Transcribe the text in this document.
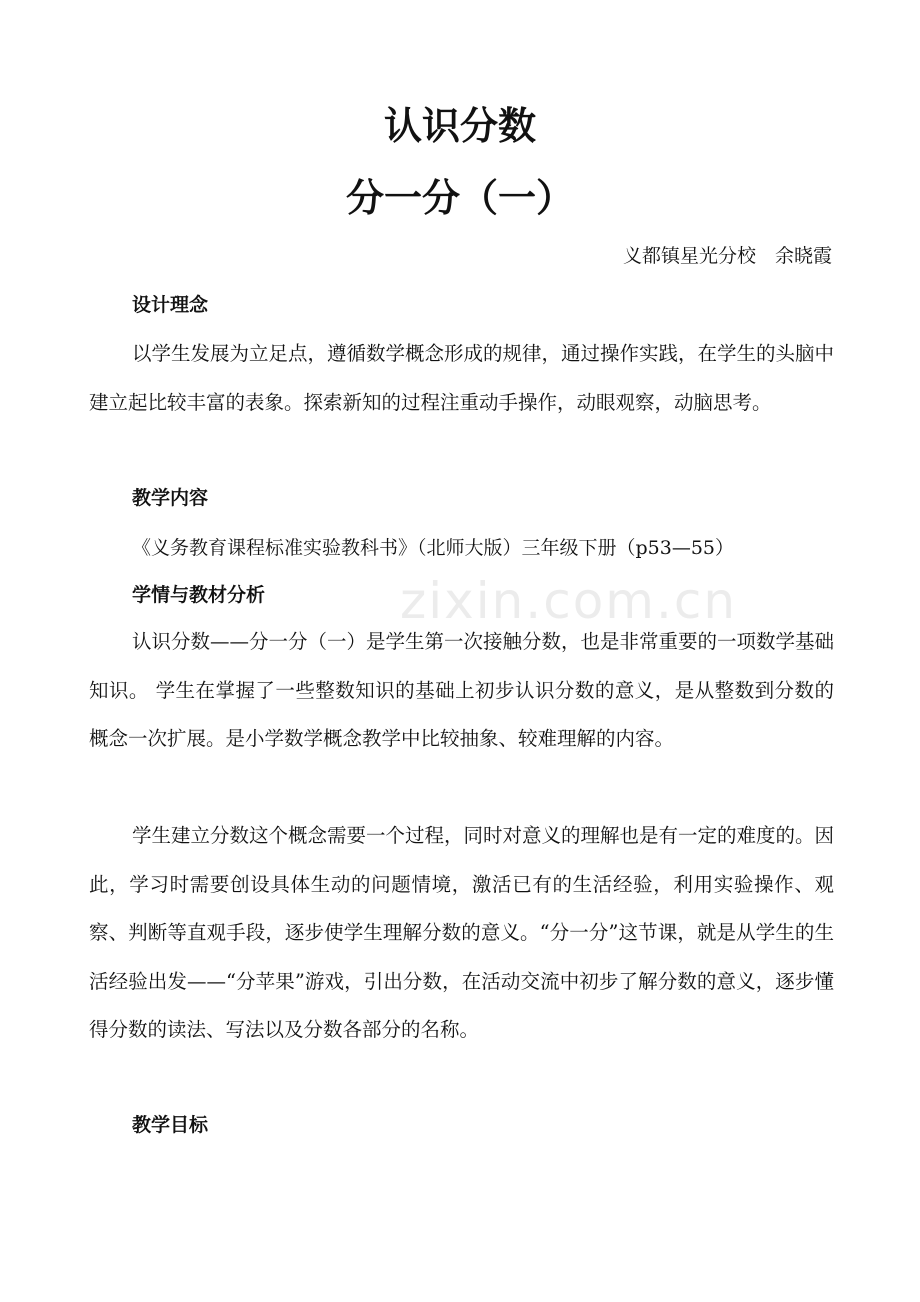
zixin.com.cn
认识分数
分一分（一）
义都镇星光分校　余晓霞
设计理念
以学生发展为立足点，遵循数学概念形成的规律，通过操作实践，在学生的头脑中建立起比较丰富的表象。探索新知的过程注重动手操作，动眼观察，动脑思考。
教学内容
《义务教育课程标准实验教科书》（北师大版）三年级下册（p53—55）
学情与教材分析
认识分数——分一分（一）是学生第一次接触分数，也是非常重要的一项数学基础知识。 学生在掌握了一些整数知识的基础上初步认识分数的意义，是从整数到分数的概念一次扩展。是小学数学概念教学中比较抽象、较难理解的内容。
学生建立分数这个概念需要一个过程，同时对意义的理解也是有一定的难度的。因此，学习时需要创设具体生动的问题情境，激活已有的生活经验，利用实验操作、观察、判断等直观手段，逐步使学生理解分数的意义。“分一分”这节课，就是从学生的生活经验出发——“分苹果”游戏，引出分数，在活动交流中初步了解分数的意义，逐步懂得分数的读法、写法以及分数各部分的名称。
教学目标
